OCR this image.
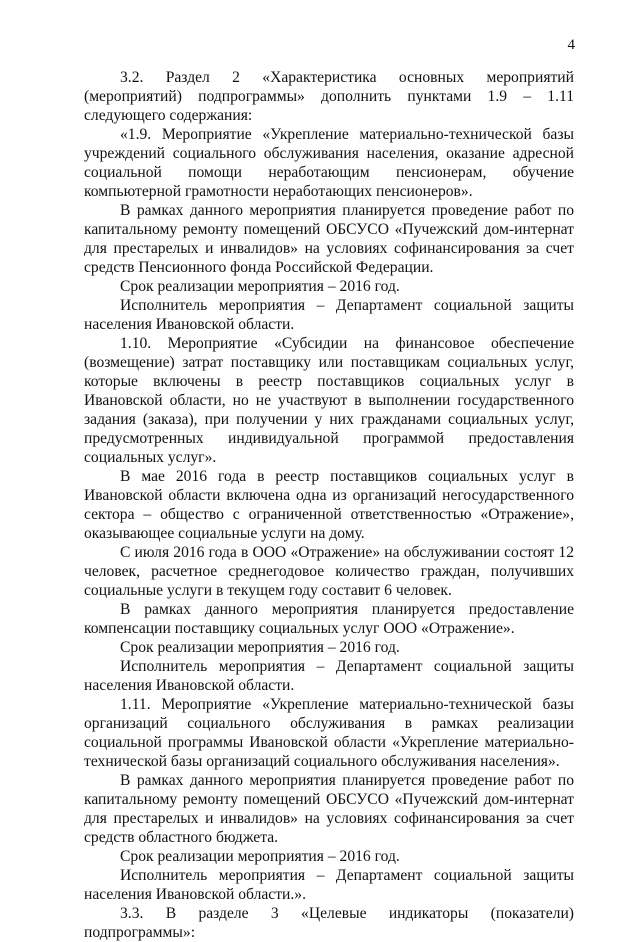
4

3.2. Раздел 2 «Характеристика основных мероприятий (мероприятий) подпрограммы» дополнить пунктами 1.9 – 1.11 следующего содержания:

«1.9. Мероприятие «Укрепление материально-технической базы учреждений социального обслуживания населения, оказание адресной социальной помощи неработающим пенсионерам, обучение компьютерной грамотности неработающих пенсионеров».

В рамках данного мероприятия планируется проведение работ по капитальному ремонту помещений ОБСУСО «Пучежский дом-интернат для престарелых и инвалидов» на условиях софинансирования за счет средств Пенсионного фонда Российской Федерации.

Срок реализации мероприятия – 2016 год.

Исполнитель мероприятия – Департамент социальной защиты населения Ивановской области.

1.10. Мероприятие «Субсидии на финансовое обеспечение (возмещение) затрат поставщику или поставщикам социальных услуг, которые включены в реестр поставщиков социальных услуг в Ивановской области, но не участвуют в выполнении государственного задания (заказа), при получении у них гражданами социальных услуг, предусмотренных индивидуальной программой предоставления социальных услуг».

В мае 2016 года в реестр поставщиков социальных услуг в Ивановской области включена одна из организаций негосударственного сектора – общество с ограниченной ответственностью «Отражение», оказывающее социальные услуги на дому.

С июля 2016 года в ООО «Отражение» на обслуживании состоят 12 человек, расчетное среднегодовое количество граждан, получивших социальные услуги в текущем году составит 6 человек.

В рамках данного мероприятия планируется предоставление компенсации поставщику социальных услуг ООО «Отражение».

Срок реализации мероприятия – 2016 год.

Исполнитель мероприятия – Департамент социальной защиты населения Ивановской области.

1.11. Мероприятие «Укрепление материально-технической базы организаций социального обслуживания в рамках реализации социальной программы Ивановской области «Укрепление материально-технической базы организаций социального обслуживания населения».

В рамках данного мероприятия планируется проведение работ по капитальному ремонту помещений ОБСУСО «Пучежский дом-интернат для престарелых и инвалидов» на условиях софинансирования за счет средств областного бюджета.

Срок реализации мероприятия – 2016 год.

Исполнитель мероприятия – Департамент социальной защиты населения Ивановской области.».

3.3. В разделе 3 «Целевые индикаторы (показатели) подпрограммы»:
